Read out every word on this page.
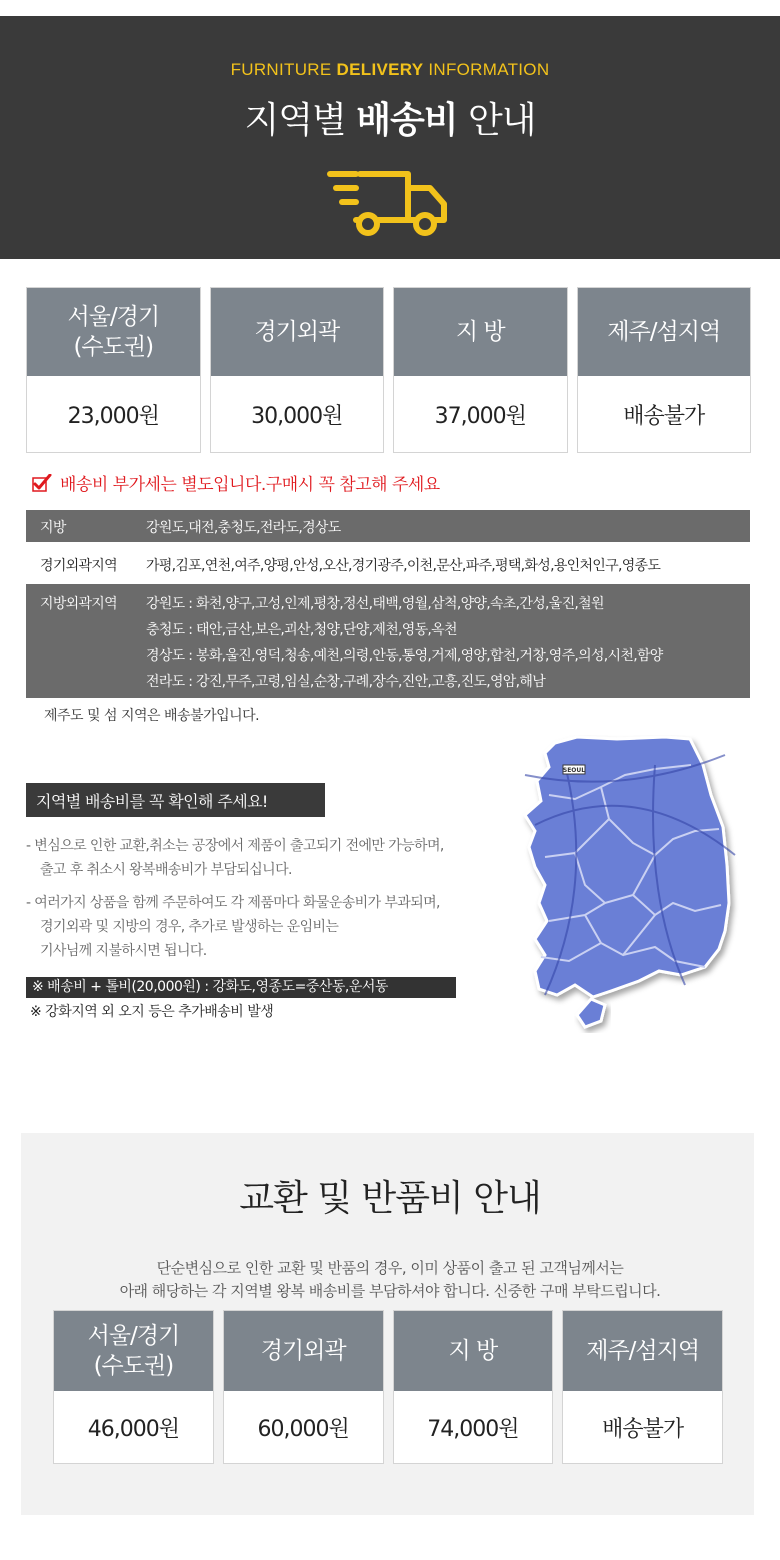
FURNITURE DELIVERY INFORMATION
지역별 배송비 안내
서울/경기
(수도권)
23,000원
경기외곽
30,000원
지 방
37,000원
제주/섬지역
배송불가
배송비 부가세는 별도입니다.구매시 꼭 참고해 주세요
지방	강원도,대전,충청도,전라도,경상도
경기외곽지역 가평,김포,연천,여주,양평,안성,오산,경기광주,이천,문산,파주,평택,화성,용인처인구,영종도
지방외곽지역 강원도 : 화천,양구,고성,인제,평창,정선,태백,영월,삼척,양양,속초,간성,울진,철원
충청도 : 태안,금산,보은,괴산,청양,단양,제천,영동,옥천
경상도 : 봉화,울진,영덕,청송,예천,의령,안동,통영,거제,영양,합천,거창,영주,의성,시천,함양
전라도 : 강진,무주,고령,임실,순창,구례,장수,진안,고흥,진도,영암,해남
제주도 및 섬 지역은 배송불가입니다.
SEOUL
지역별 배송비를 꼭 확인해 주세요!
- 변심으로 인한 교환,취소는 공장에서 제품이 출고되기 전에만 가능하며,
출고 후 취소시 왕복배송비가 부담되십니다.
- 여러가지 상품을 함께 주문하여도 각 제품마다 화물운송비가 부과되며,
경기외곽 및 지방의 경우, 추가로 발생하는 운임비는
기사님께 지불하시면 됩니다.
※ 배송비 + 톨비(20,000원) : 강화도,영종도=중산동,운서동
※ 강화지역 외 오지 등은 추가배송비 발생
교환 및 반품비 안내
단순변심으로 인한 교환 및 반품의 경우, 이미 상품이 출고 된 고객님께서는
아래 해당하는 각 지역별 왕복 배송비를 부담하셔야 합니다. 신중한 구매 부탁드립니다.
서울/경기
(수도권)
46,000원
경기외곽
60,000원
지 방
74,000원
제주/섬지역
배송불가
